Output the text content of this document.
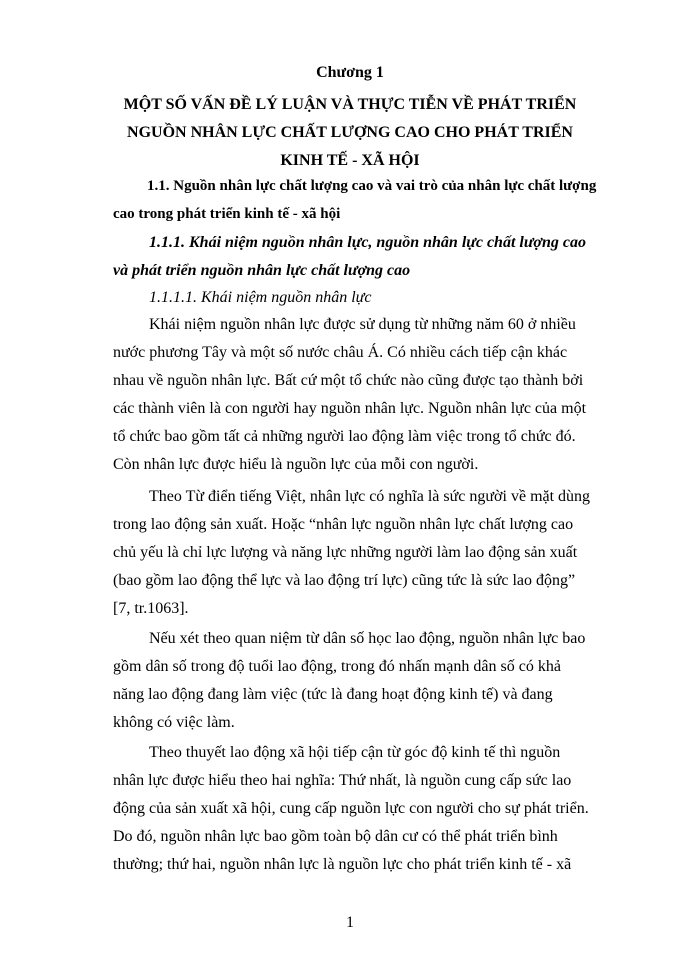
Chương 1
MỘT SỐ VẤN ĐỀ LÝ LUẬN VÀ THỰC TIỄN VỀ PHÁT TRIỂN
NGUỒN NHÂN LỰC CHẤT LƯỢNG CAO CHO PHÁT TRIỂN
KINH TẾ - XÃ HỘI
1.1. Nguồn nhân lực chất lượng cao và vai trò của nhân lực chất lượng
cao trong phát triển kinh tế - xã hội
1.1.1. Khái niệm nguồn nhân lực, nguồn nhân lực chất lượng cao
và phát triển nguồn nhân lực chất lượng cao
1.1.1.1. Khái niệm nguồn nhân lực
Khái niệm nguồn nhân lực được sử dụng từ những năm 60 ở nhiều
nước phương Tây và một số nước châu Á. Có nhiều cách tiếp cận khác
nhau về nguồn nhân lực. Bất cứ một tổ chức nào cũng được tạo thành bởi
các thành viên là con người hay nguồn nhân lực. Nguồn nhân lực của một
tổ chức bao gồm tất cả những người lao động làm việc trong tổ chức đó.
Còn nhân lực được hiểu là nguồn lực của mỗi con người.
Theo Từ điển tiếng Việt, nhân lực có nghĩa là sức người về mặt dùng
trong lao động sản xuất. Hoặc “nhân lực nguồn nhân lực chất lượng cao
chủ yếu là chỉ lực lượng và năng lực những người làm lao động sản xuất
(bao gồm lao động thể lực và lao động trí lực) cũng tức là sức lao động”
[7, tr.1063].
Nếu xét theo quan niệm từ dân số học lao động, nguồn nhân lực bao
gồm dân số trong độ tuổi lao động, trong đó nhấn mạnh dân số có khả
năng lao động đang làm việc (tức là đang hoạt động kinh tế) và đang
không có việc làm.
Theo thuyết lao động xã hội tiếp cận từ góc độ kinh tế thì nguồn
nhân lực được hiểu theo hai nghĩa: Thứ nhất, là nguồn cung cấp sức lao
động của sản xuất xã hội, cung cấp nguồn lực con người cho sự phát triển.
Do đó, nguồn nhân lực bao gồm toàn bộ dân cư có thể phát triển bình
thường; thứ hai, nguồn nhân lực là nguồn lực cho phát triển kinh tế - xã
1
